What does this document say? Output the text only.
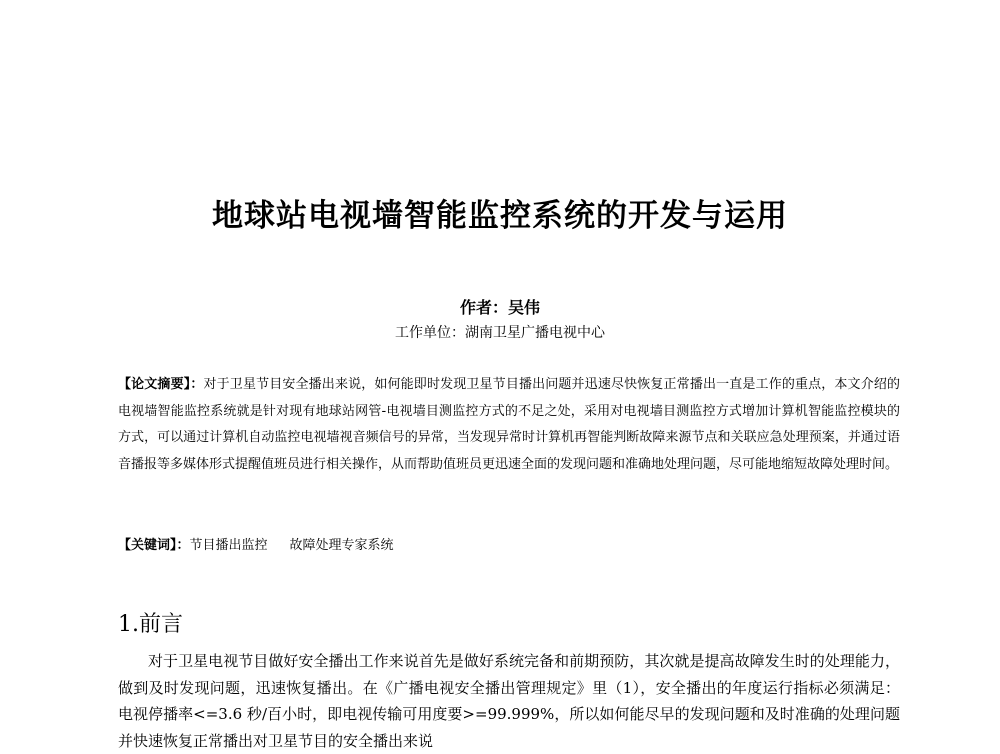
地球站电视墙智能监控系统的开发与运用
作者：吴伟
工作单位：湖南卫星广播电视中心
【论文摘要】：对于卫星节目安全播出来说，如何能即时发现卫星节目播出问题并迅速尽快恢复正常播出一直是工作的重点，本文介绍的电视墙智能监控系统就是针对现有地球站网管-电视墙目测监控方式的不足之处，采用对电视墙目测监控方式增加计算机智能监控模块的方式，可以通过计算机自动监控电视墙视音频信号的异常，当发现异常时计算机再智能判断故障来源节点和关联应急处理预案，并通过语音播报等多媒体形式提醒值班员进行相关操作，从而帮助值班员更迅速全面的发现问题和准确地处理问题，尽可能地缩短故障处理时间。
【关键词】：节目播出监控 故障处理专家系统
1.前言
对于卫星电视节目做好安全播出工作来说首先是做好系统完备和前期预防，其次就是提高故障发生时的处理能力，做到及时发现问题，迅速恢复播出。在《广播电视安全播出管理规定》里（1），安全播出的年度运行指标必须满足：电视停播率<=3.6 秒/百小时，即电视传输可用度要>=99.999%，所以如何能尽早的发现问题和及时准确的处理问题并快速恢复正常播出对卫星节目的安全播出来说
